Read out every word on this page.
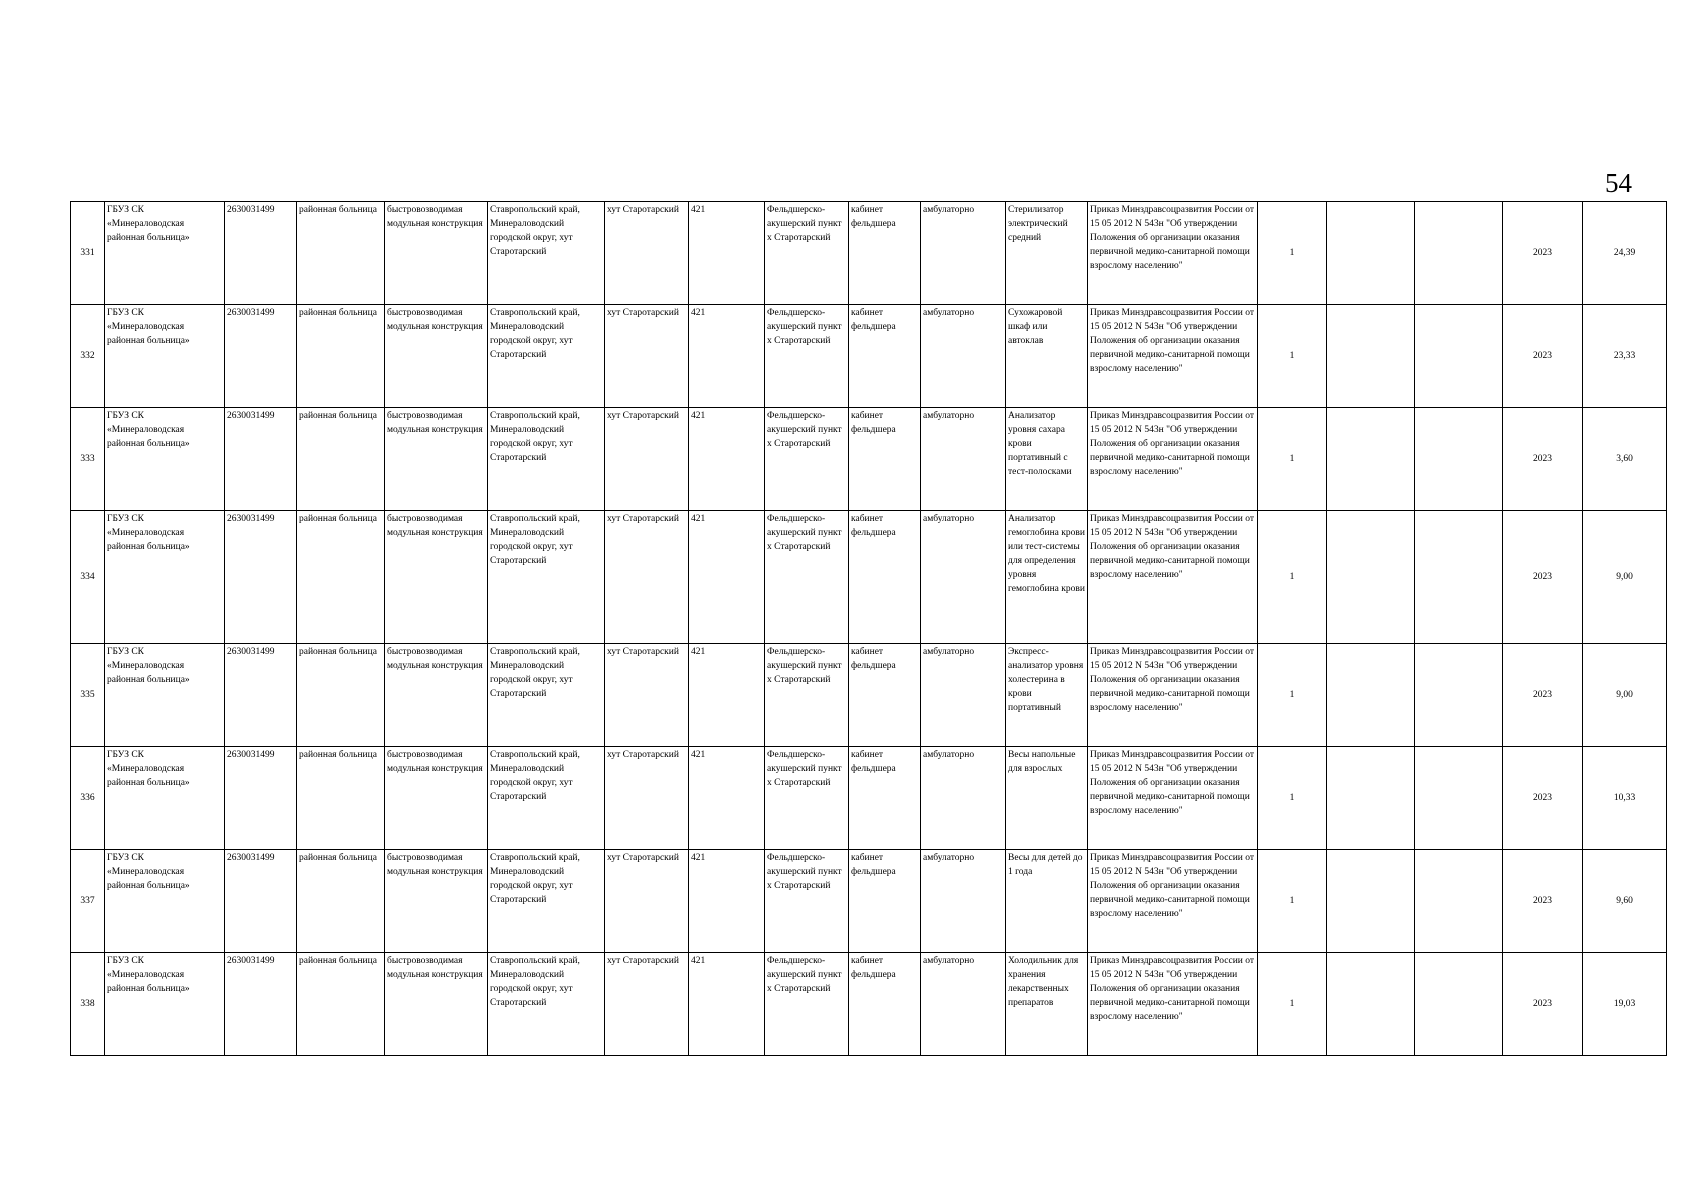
54
331	ГБУЗ СК «Минераловодская районная больница»	2630031499	районная больница	быстровозводимая модульная конструкция	Ставропольский край, Минераловодский городской округ, хут Старотарский	хут Старотарский	421	Фельдшерско-акушерский пункт х Старотарский	кабинет фельдшера	амбулаторно	Стерилизатор электрический средний	Приказ Минздравсоцразвития России от 15 05 2012 N 543н "Об утверждении Положения об организации оказания первичной медико-санитарной помощи взрослому населению"	1			2023	24,39
332	ГБУЗ СК «Минераловодская районная больница»	2630031499	районная больница	быстровозводимая модульная конструкция	Ставропольский край, Минераловодский городской округ, хут Старотарский	хут Старотарский	421	Фельдшерско-акушерский пункт х Старотарский	кабинет фельдшера	амбулаторно	Сухожаровой шкаф или автоклав	Приказ Минздравсоцразвития России от 15 05 2012 N 543н "Об утверждении Положения об организации оказания первичной медико-санитарной помощи взрослому населению"	1			2023	23,33
333	ГБУЗ СК «Минераловодская районная больница»	2630031499	районная больница	быстровозводимая модульная конструкция	Ставропольский край, Минераловодский городской округ, хут Старотарский	хут Старотарский	421	Фельдшерско-акушерский пункт х Старотарский	кабинет фельдшера	амбулаторно	Анализатор уровня сахара крови портативный с тест-полосками	Приказ Минздравсоцразвития России от 15 05 2012 N 543н "Об утверждении Положения об организации оказания первичной медико-санитарной помощи взрослому населению"	1			2023	3,60
334	ГБУЗ СК «Минераловодская районная больница»	2630031499	районная больница	быстровозводимая модульная конструкция	Ставропольский край, Минераловодский городской округ, хут Старотарский	хут Старотарский	421	Фельдшерско-акушерский пункт х Старотарский	кабинет фельдшера	амбулаторно	Анализатор гемоглобина крови или тест-системы для определения уровня гемоглобина крови	Приказ Минздравсоцразвития России от 15 05 2012 N 543н "Об утверждении Положения об организации оказания первичной медико-санитарной помощи взрослому населению"	1			2023	9,00
335	ГБУЗ СК «Минераловодская районная больница»	2630031499	районная больница	быстровозводимая модульная конструкция	Ставропольский край, Минераловодский городской округ, хут Старотарский	хут Старотарский	421	Фельдшерско-акушерский пункт х Старотарский	кабинет фельдшера	амбулаторно	Экспресс-анализатор уровня холестерина в крови портативный	Приказ Минздравсоцразвития России от 15 05 2012 N 543н "Об утверждении Положения об организации оказания первичной медико-санитарной помощи взрослому населению"	1			2023	9,00
336	ГБУЗ СК «Минераловодская районная больница»	2630031499	районная больница	быстровозводимая модульная конструкция	Ставропольский край, Минераловодский городской округ, хут Старотарский	хут Старотарский	421	Фельдшерско-акушерский пункт х Старотарский	кабинет фельдшера	амбулаторно	Весы напольные для взрослых	Приказ Минздравсоцразвития России от 15 05 2012 N 543н "Об утверждении Положения об организации оказания первичной медико-санитарной помощи взрослому населению"	1			2023	10,33
337	ГБУЗ СК «Минераловодская районная больница»	2630031499	районная больница	быстровозводимая модульная конструкция	Ставропольский край, Минераловодский городской округ, хут Старотарский	хут Старотарский	421	Фельдшерско-акушерский пункт х Старотарский	кабинет фельдшера	амбулаторно	Весы для детей до 1 года	Приказ Минздравсоцразвития России от 15 05 2012 N 543н "Об утверждении Положения об организации оказания первичной медико-санитарной помощи взрослому населению"	1			2023	9,60
338	ГБУЗ СК «Минераловодская районная больница»	2630031499	районная больница	быстровозводимая модульная конструкция	Ставропольский край, Минераловодский городской округ, хут Старотарский	хут Старотарский	421	Фельдшерско-акушерский пункт х Старотарский	кабинет фельдшера	амбулаторно	Холодильник для хранения лекарственных препаратов	Приказ Минздравсоцразвития России от 15 05 2012 N 543н "Об утверждении Положения об организации оказания первичной медико-санитарной помощи взрослому населению"	1			2023	19,03
